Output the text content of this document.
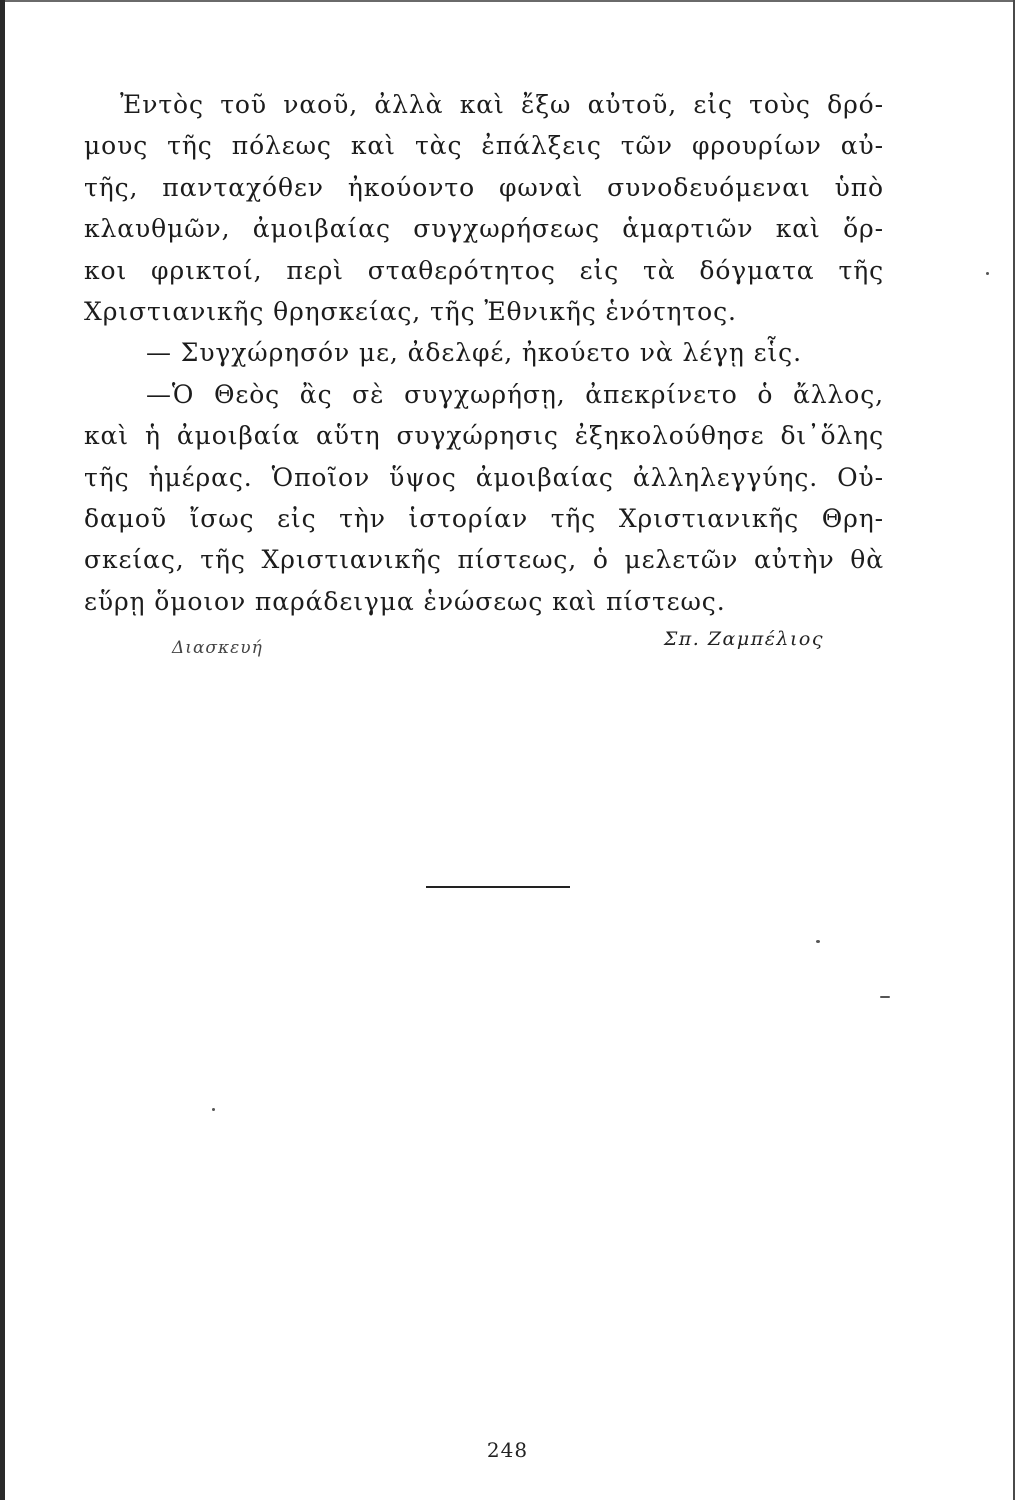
Ἐντὸς τοῦ ναοῦ, ἀλλὰ καὶ ἔξω αὐτοῦ, εἰς τοὺς δρό-
μους τῆς πόλεως καὶ τὰς ἐπάλξεις τῶν φρουρίων αὐ-
τῆς, πανταχόθεν ἠκούοντο φωναὶ συνοδευόμεναι ὑπὸ
κλαυθμῶν, ἀμοιβαίας συγχωρήσεως ἁμαρτιῶν καὶ ὅρ-
κοι φρικτοί, περὶ σταθερότητος εἰς τὰ δόγματα τῆς
Χριστιανικῆς θρησκείας, τῆς Ἐθνικῆς ἑνότητος.
— Συγχώρησόν με, ἀδελφέ, ἠκούετο νὰ λέγῃ εἷς.
—Ὁ Θεὸς ἂς σὲ συγχωρήσῃ, ἀπεκρίνετο ὁ ἄλλος,
καὶ ἡ ἀμοιβαία αὕτη συγχώρησις ἐξηκολούθησε δι᾿ὅλης
τῆς ἡμέρας. Ὁποῖον ὕψος ἀμοιβαίας ἀλληλεγγύης. Οὐ-
δαμοῦ ἴσως εἰς τὴν ἱστορίαν τῆς Χριστιανικῆς Θρη-
σκείας, τῆς Χριστιανικῆς πίστεως, ὁ μελετῶν αὐτὴν θὰ
εὕρῃ ὅμοιον παράδειγμα ἑνώσεως καὶ πίστεως.
Διασκευή	Σπ. Ζαμπέλιος
248
